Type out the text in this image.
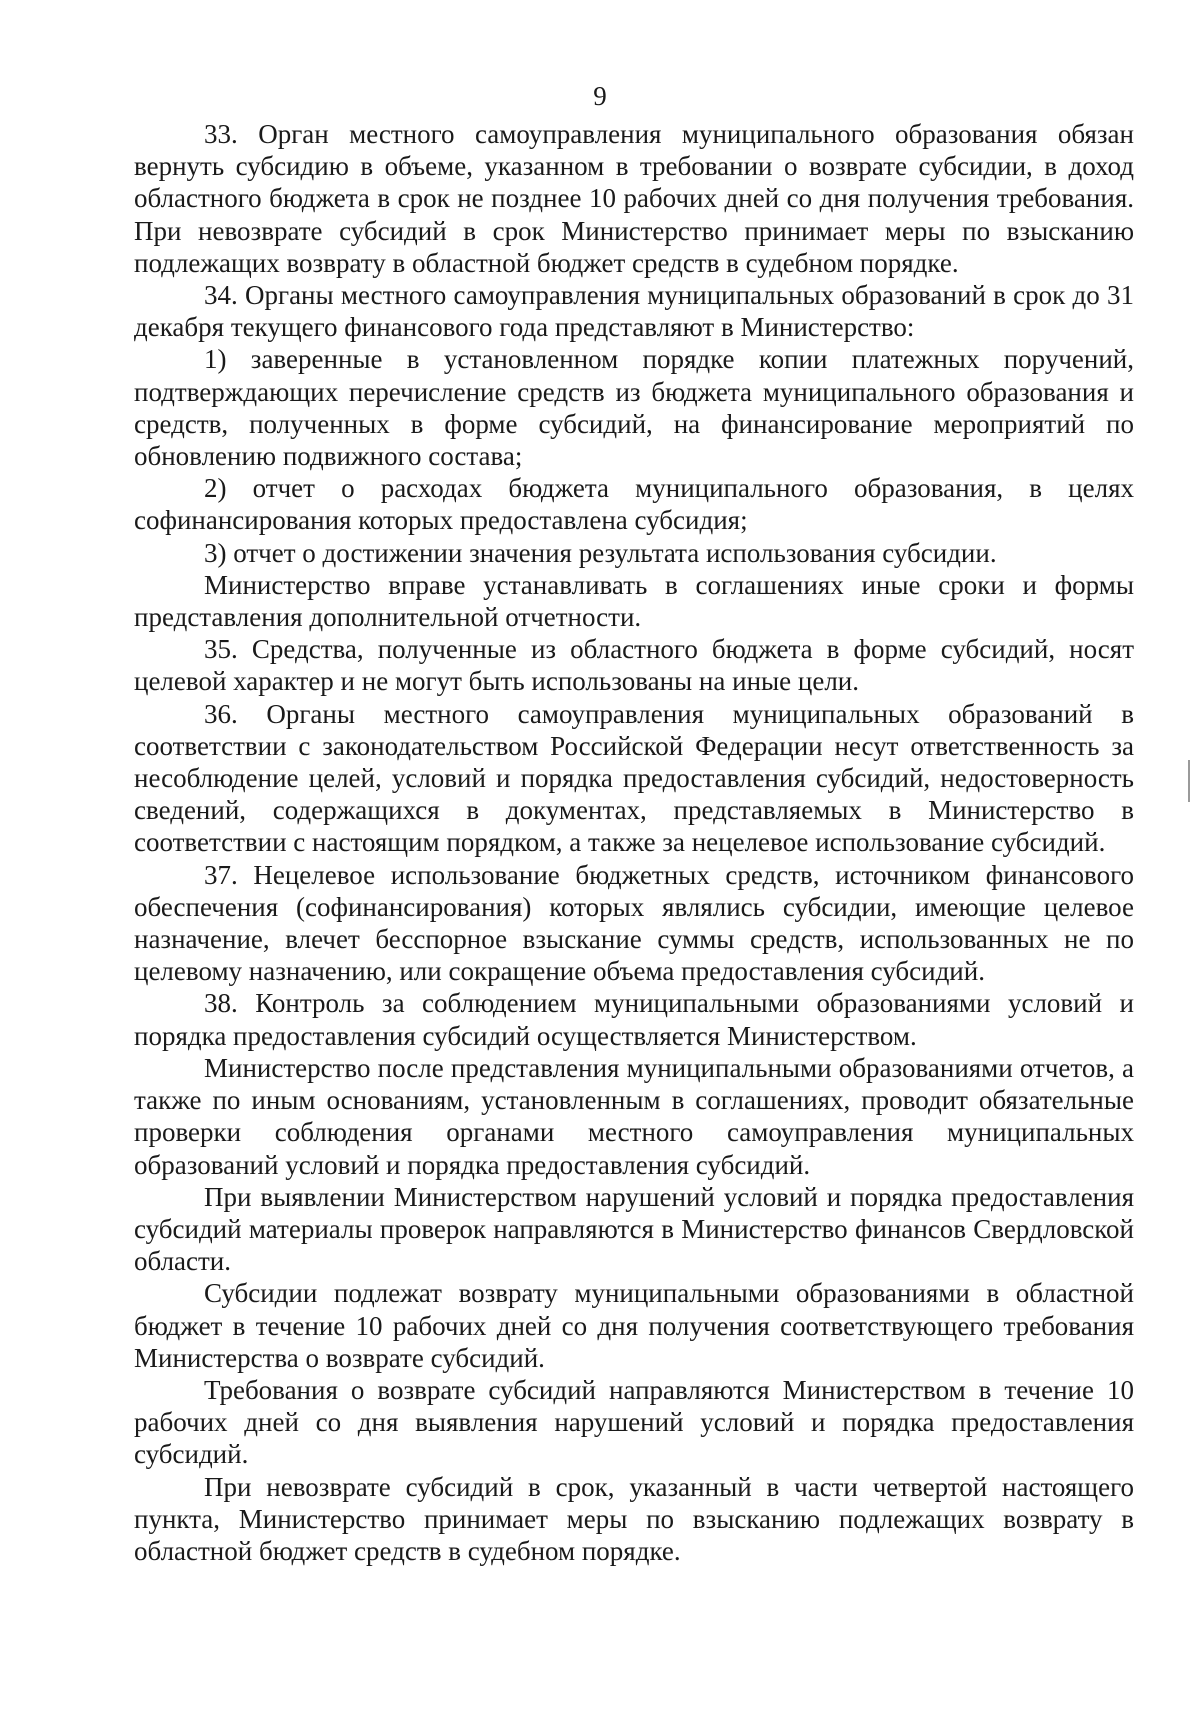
9

33. Орган местного самоуправления муниципального образования обязан вернуть субсидию в объеме, указанном в требовании о возврате субсидии, в доход областного бюджета в срок не позднее 10 рабочих дней со дня получения требования. При невозврате субсидий в срок Министерство принимает меры по взысканию подлежащих возврату в областной бюджет средств в судебном порядке.

34. Органы местного самоуправления муниципальных образований в срок до 31 декабря текущего финансового года представляют в Министерство:

1) заверенные в установленном порядке копии платежных поручений, подтверждающих перечисление средств из бюджета муниципального образования и средств, полученных в форме субсидий, на финансирование мероприятий по обновлению подвижного состава;

2) отчет о расходах бюджета муниципального образования, в целях софинансирования которых предоставлена субсидия;

3) отчет о достижении значения результата использования субсидии.

Министерство вправе устанавливать в соглашениях иные сроки и формы представления дополнительной отчетности.

35. Средства, полученные из областного бюджета в форме субсидий, носят целевой характер и не могут быть использованы на иные цели.

36. Органы местного самоуправления муниципальных образований в соответствии с законодательством Российской Федерации несут ответственность за несоблюдение целей, условий и порядка предоставления субсидий, недостоверность сведений, содержащихся в документах, представляемых в Министерство в соответствии с настоящим порядком, а также за нецелевое использование субсидий.

37. Нецелевое использование бюджетных средств, источником финансового обеспечения (софинансирования) которых являлись субсидии, имеющие целевое назначение, влечет бесспорное взыскание суммы средств, использованных не по целевому назначению, или сокращение объема предоставления субсидий.

38. Контроль за соблюдением муниципальными образованиями условий и порядка предоставления субсидий осуществляется Министерством.

Министерство после представления муниципальными образованиями отчетов, а также по иным основаниям, установленным в соглашениях, проводит обязательные проверки соблюдения органами местного самоуправления муниципальных образований условий и порядка предоставления субсидий.

При выявлении Министерством нарушений условий и порядка предоставления субсидий материалы проверок направляются в Министерство финансов Свердловской области.

Субсидии подлежат возврату муниципальными образованиями в областной бюджет в течение 10 рабочих дней со дня получения соответствующего требования Министерства о возврате субсидий.

Требования о возврате субсидий направляются Министерством в течение 10 рабочих дней со дня выявления нарушений условий и порядка предоставления субсидий.

При невозврате субсидий в срок, указанный в части четвертой настоящего пункта, Министерство принимает меры по взысканию подлежащих возврату в областной бюджет средств в судебном порядке.
